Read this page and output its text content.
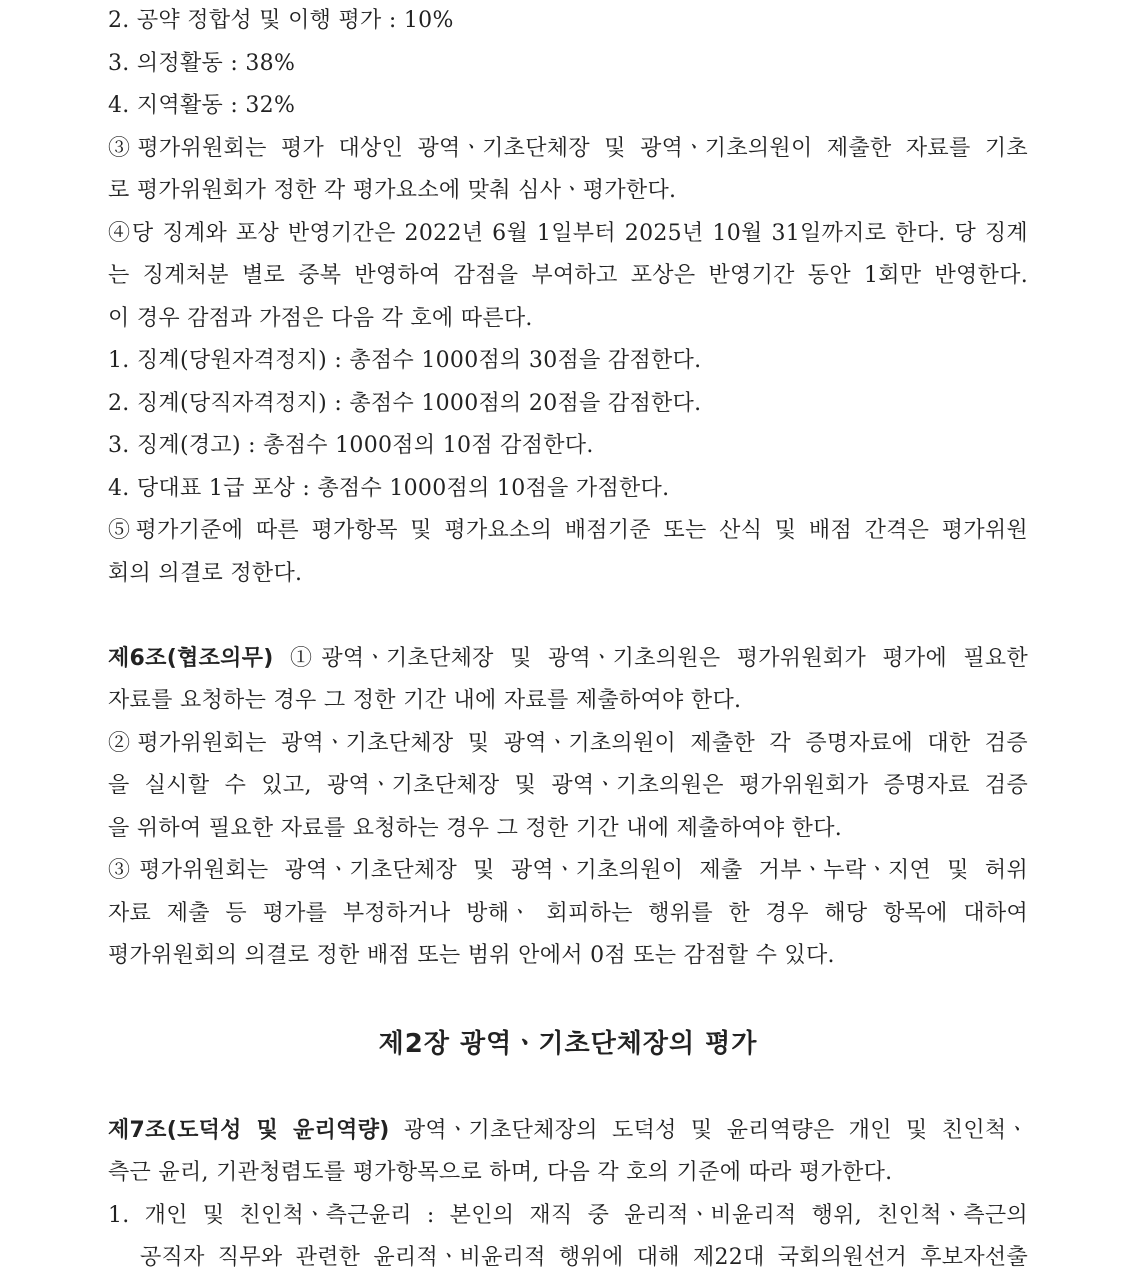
2. 공약 정합성 및 이행 평가 : 10%
3. 의정활동 : 38%
4. 지역활동 : 32%
③평가위원회는 평가 대상인 광역ㆍ기초단체장 및 광역ㆍ기초의원이 제출한 자료를 기초
로 평가위원회가 정한 각 평가요소에 맞춰 심사ㆍ평가한다.
④당 징계와 포상 반영기간은 2022년 6월 1일부터 2025년 10월 31일까지로 한다. 당 징계
는 징계처분 별로 중복 반영하여 감점을 부여하고 포상은 반영기간 동안 1회만 반영한다.
이 경우 감점과 가점은 다음 각 호에 따른다.
1. 징계(당원자격정지) : 총점수 1000점의 30점을 감점한다.
2. 징계(당직자격정지) : 총점수 1000점의 20점을 감점한다.
3. 징계(경고) : 총점수 1000점의 10점 감점한다.
4. 당대표 1급 포상 : 총점수 1000점의 10점을 가점한다.
⑤평가기준에 따른 평가항목 및 평가요소의 배점기준 또는 산식 및 배점 간격은 평가위원
회의 의결로 정한다.
제6조(협조의무) ①광역ㆍ기초단체장 및 광역ㆍ기초의원은 평가위원회가 평가에 필요한
자료를 요청하는 경우 그 정한 기간 내에 자료를 제출하여야 한다.
②평가위원회는 광역ㆍ기초단체장 및 광역ㆍ기초의원이 제출한 각 증명자료에 대한 검증
을 실시할 수 있고, 광역ㆍ기초단체장 및 광역ㆍ기초의원은 평가위원회가 증명자료 검증
을 위하여 필요한 자료를 요청하는 경우 그 정한 기간 내에 제출하여야 한다.
③평가위원회는 광역ㆍ기초단체장 및 광역ㆍ기초의원이 제출 거부ㆍ누락ㆍ지연 및 허위
자료 제출 등 평가를 부정하거나 방해ㆍ 회피하는 행위를 한 경우 해당 항목에 대하여
평가위원회의 의결로 정한 배점 또는 범위 안에서 0점 또는 감점할 수 있다.
제2장 광역ㆍ기초단체장의 평가
제7조(도덕성 및 윤리역량) 광역ㆍ기초단체장의 도덕성 및 윤리역량은 개인 및 친인척ㆍ
측근 윤리, 기관청렴도를 평가항목으로 하며, 다음 각 호의 기준에 따라 평가한다.
1. 개인 및 친인척ㆍ측근윤리 : 본인의 재직 중 윤리적ㆍ비윤리적 행위, 친인척ㆍ측근의
공직자 직무와 관련한 윤리적ㆍ비윤리적 행위에 대해 제22대 국회의원선거 후보자선출
